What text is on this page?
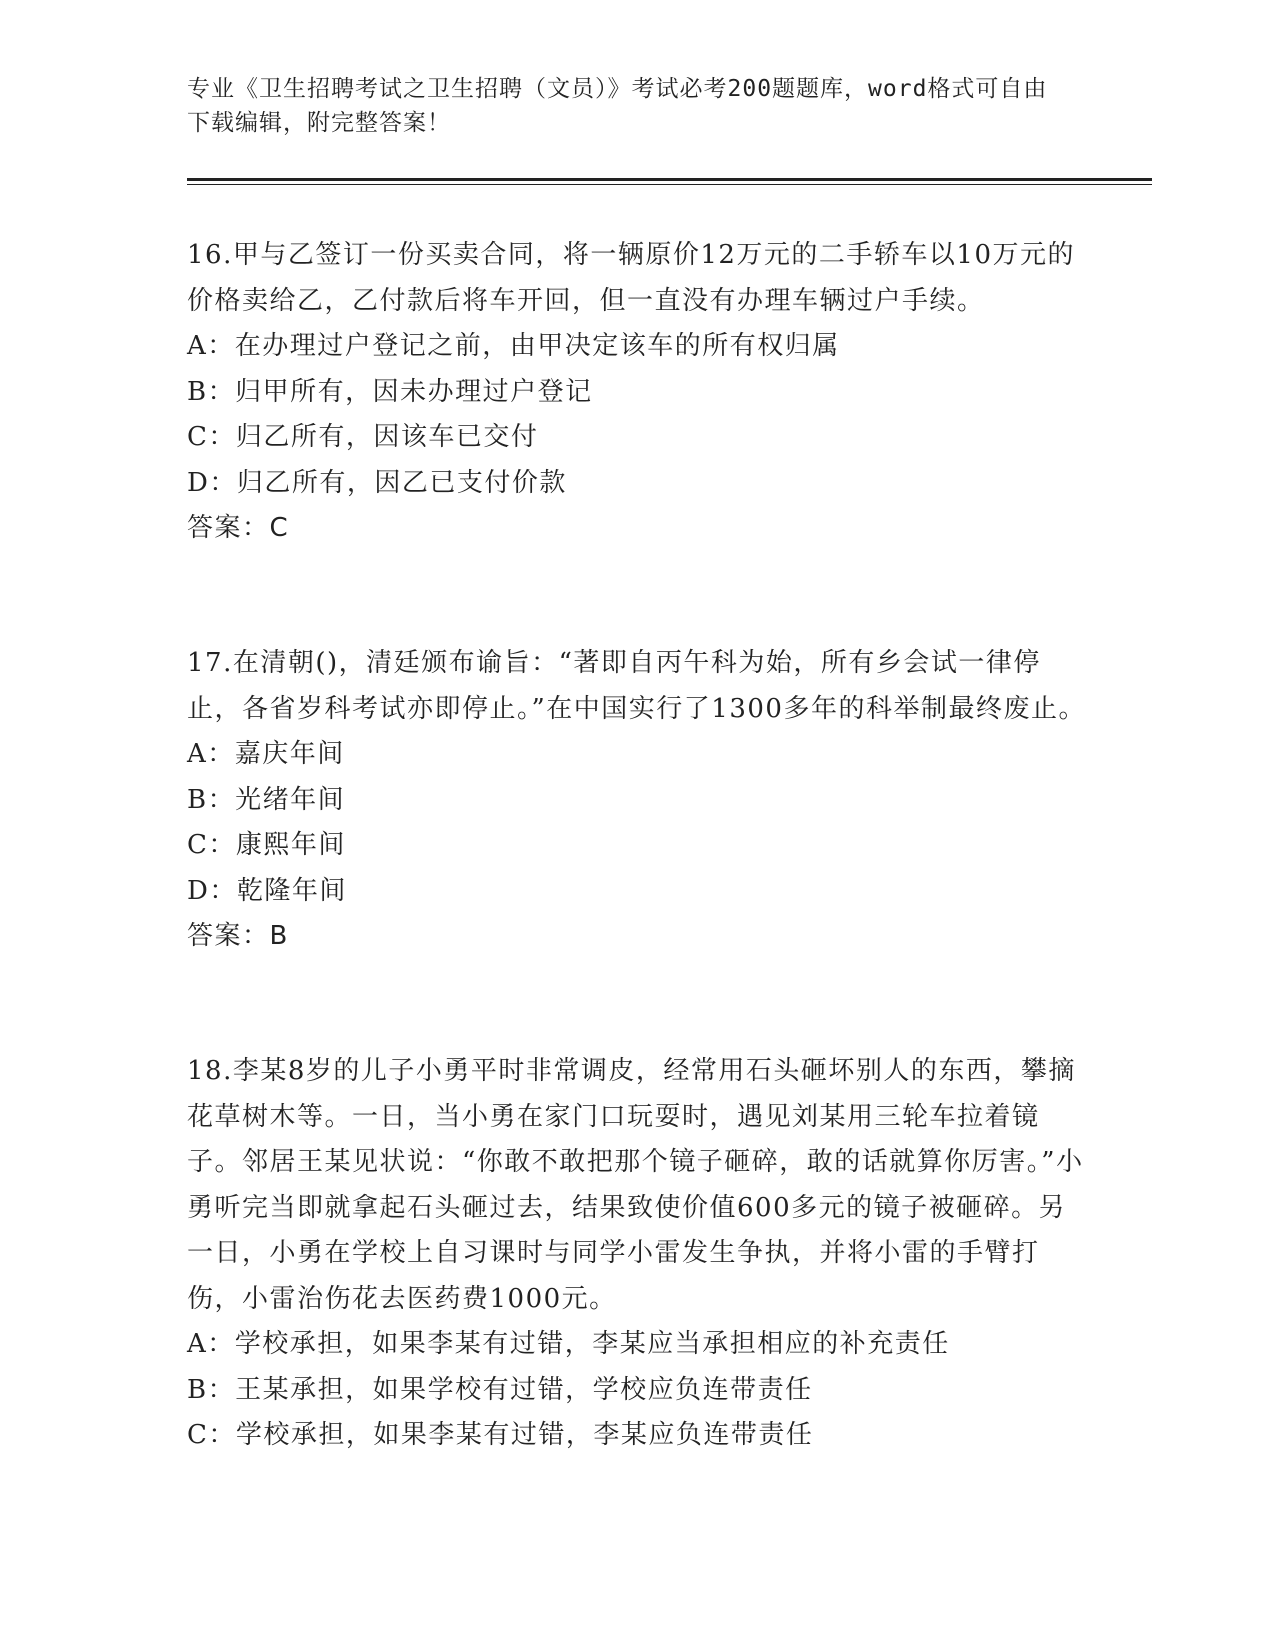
专业《卫生招聘考试之卫生招聘（文员）》考试必考200题题库，word格式可自由下载编辑，附完整答案！

16.甲与乙签订一份买卖合同，将一辆原价12万元的二手轿车以10万元的价格卖给乙，乙付款后将车开回，但一直没有办理车辆过户手续。

A：在办理过户登记之前，由甲决定该车的所有权归属

B：归甲所有，因未办理过户登记

C：归乙所有，因该车已交付

D：归乙所有，因乙已支付价款

答案：C

17.在清朝()，清廷颁布谕旨：“著即自丙午科为始，所有乡会试一律停止，各省岁科考试亦即停止。”在中国实行了1300多年的科举制最终废止。

A：嘉庆年间

B：光绪年间

C：康熙年间

D：乾隆年间

答案：B

18.李某8岁的儿子小勇平时非常调皮，经常用石头砸坏别人的东西，攀摘花草树木等。一日，当小勇在家门口玩耍时，遇见刘某用三轮车拉着镜子。邻居王某见状说：“你敢不敢把那个镜子砸碎，敢的话就算你厉害。”小勇听完当即就拿起石头砸过去，结果致使价值600多元的镜子被砸碎。另一日，小勇在学校上自习课时与同学小雷发生争执，并将小雷的手臂打伤，小雷治伤花去医药费1000元。

A：学校承担，如果李某有过错，李某应当承担相应的补充责任

B：王某承担，如果学校有过错，学校应负连带责任

C：学校承担，如果李某有过错，李某应负连带责任
